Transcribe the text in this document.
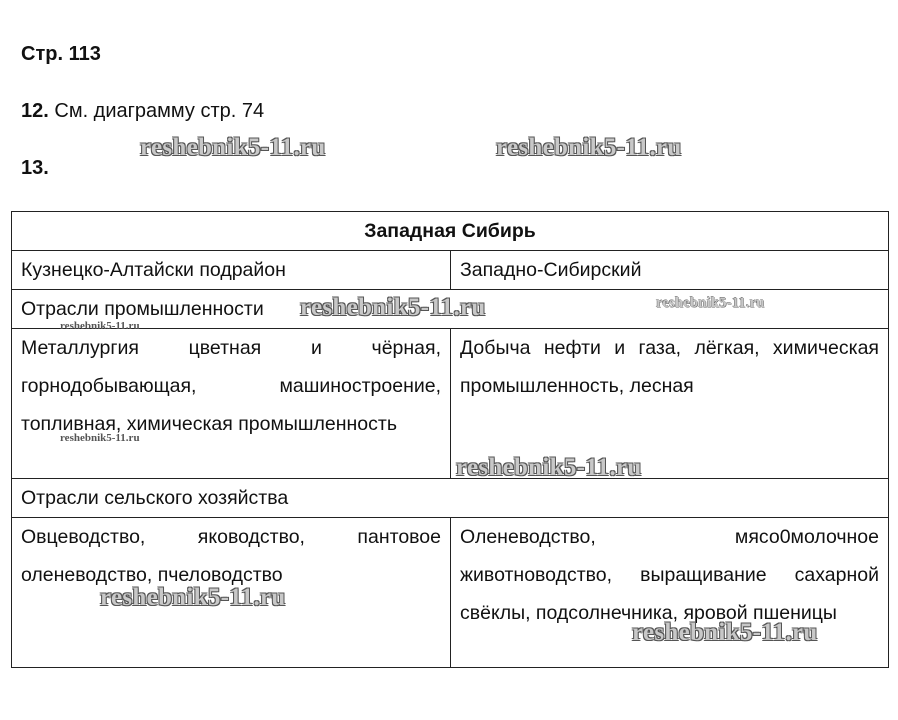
Стр. 113
12. См. диаграмму стр. 74
13.
Западная Сибирь	
Кузнецко-Алтайски подрайон	Западно-Сибирский
Отрасли промышленности	
Металлургия цветная и чёрная, горнодобывающая, машиностроение, топливная, химическая промышленность	Добыча нефти и газа, лёгкая, химическая промышленность, лесная
Отрасли сельского хозяйства	
Овцеводство, яководство, пантовое оленеводство, пчеловодство	Оленеводство, мясо0молочное животноводство, выращивание сахарной свёклы, подсолнечника, яровой пшеницы
reshebnik5-11.ru	reshebnik5-11.ru
reshebnik5-11.ru	reshebnik5-11.ru
reshebnik5-11.ru
reshebnik5-11.ru
reshebnik5-11.ru
reshebnik5-11.ru
reshebnik5-11.ru
